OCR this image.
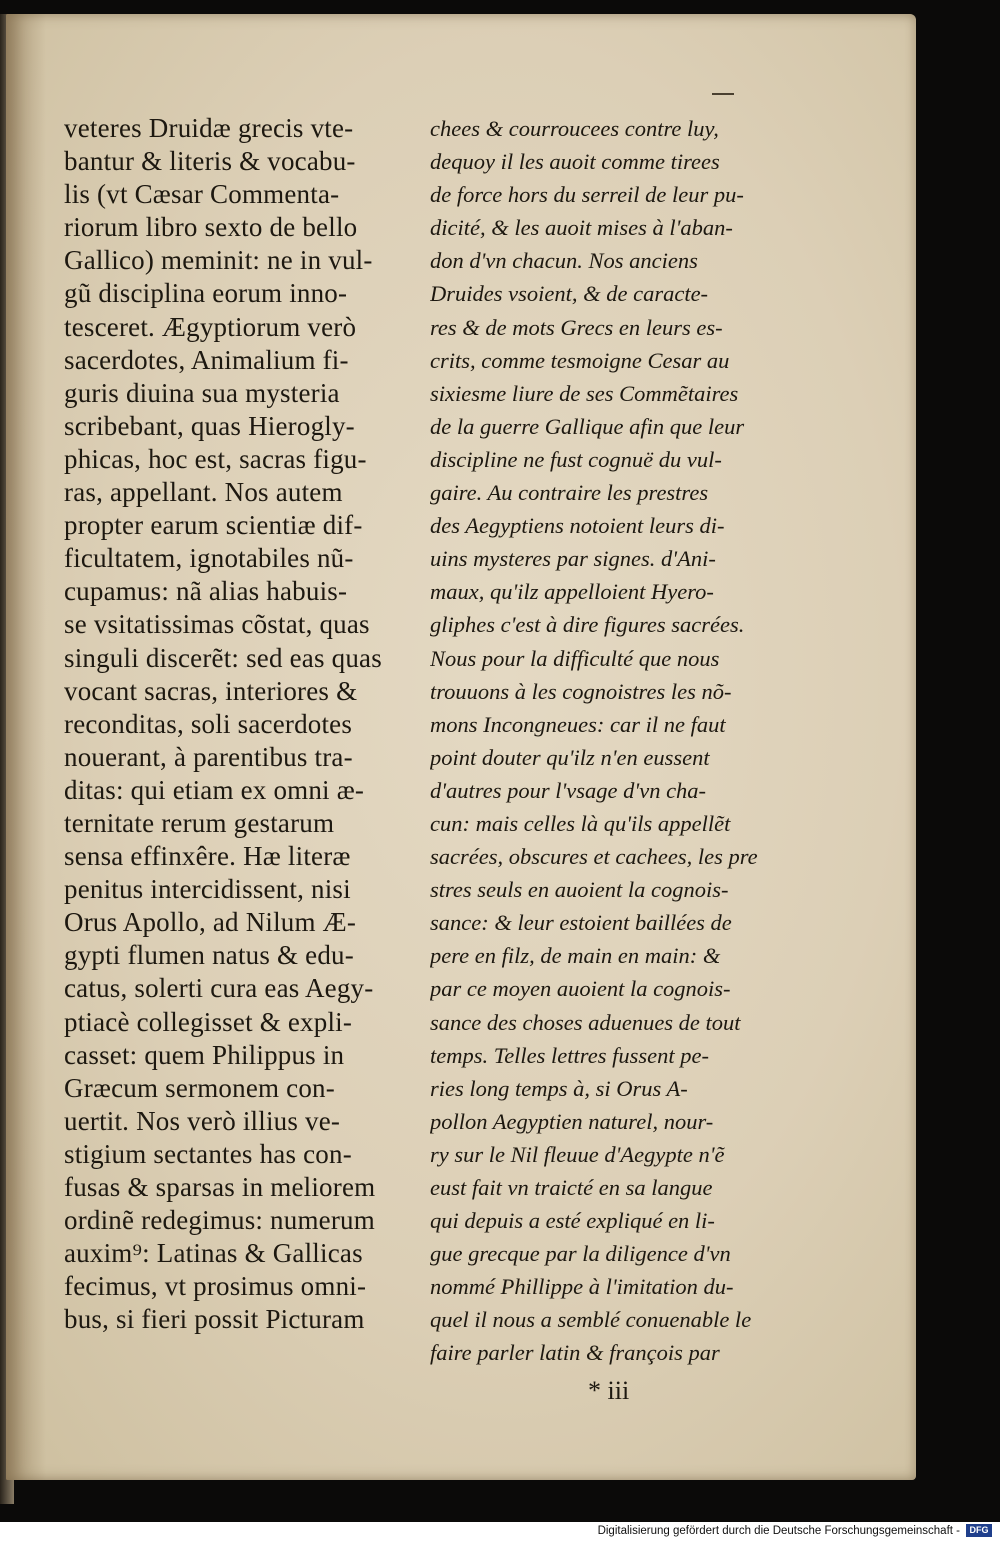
veteres Druidæ grecis vte-
bantur & literis & vocabu-
lis (vt Cæsar Commenta-
riorum libro sexto de bello
Gallico) meminit: ne in vul-
gũ disciplina eorum inno-
tesceret. Ægyptiorum verò
sacerdotes, Animalium fi-
guris diuina sua mysteria
scribebant, quas Hierogly-
phicas, hoc est, sacras figu-
ras, appellant. Nos autem
propter earum scientiæ dif-
ficultatem, ignotabiles nũ-
cupamus: nã alias habuis-
se vsitatissimas cõstat, quas
singuli discerẽt: sed eas quas
vocant sacras, interiores &
reconditas, soli sacerdotes
nouerant, à parentibus tra-
ditas: qui etiam ex omni æ-
ternitate rerum gestarum
sensa effinxêre. Hæ literæ
penitus intercidissent, nisi
Orus Apollo, ad Nilum Æ-
gypti flumen natus & edu-
catus, solerti cura eas Aegy-
ptiacè collegisset & expli-
casset: quem Philippus in
Græcum sermonem con-
uertit. Nos verò illius ve-
stigium sectantes has con-
fusas & sparsas in meliorem
ordinẽ redegimus: numerum
auxim⁹: Latinas & Gallicas
fecimus, vt prosimus omni-
bus, si fieri possit Picturam
chees & courroucees contre luy,
dequoy il les auoit comme tirees
de force hors du serreil de leur pu-
dicité, & les auoit mises à l'aban-
don d'vn chacun. Nos anciens
Druides vsoient, & de caracte-
res & de mots Grecs en leurs es-
crits, comme tesmoigne Cesar au
sixiesme liure de ses Commẽtaires
de la guerre Gallique afin que leur
discipline ne fust cognuë du vul-
gaire. Au contraire les prestres
des Aegyptiens notoient leurs di-
uins mysteres par signes. d'Ani-
maux, qu'ilz appelloient Hyero-
gliphes c'est à dire figures sacrées.
Nous pour la difficulté que nous
trouuons à les cognoistres les nõ-
mons Incongneues: car il ne faut
point douter qu'ilz n'en eussent
d'autres pour l'vsage d'vn cha-
cun: mais celles là qu'ils appellẽt
sacrées, obscures et cachees, les pre
stres seuls en auoient la cognois-
sance: & leur estoient baillées de
pere en filz, de main en main: &
par ce moyen auoient la cognois-
sance des choses aduenues de tout
temps. Telles lettres fussent pe-
ries long temps à, si Orus A-
pollon Aegyptien naturel, nour-
ry sur le Nil fleuue d'Aegypte n'ẽ
eust fait vn traicté en sa langue
qui depuis a esté expliqué en li-
gue grecque par la diligence d'vn
nommé Phillippe à l'imitation du-
quel il nous a semblé conuenable le
faire parler latin & françois par
* iii
Digitalisierung gefördert durch die Deutsche Forschungsgemeinschaft -	DFG
